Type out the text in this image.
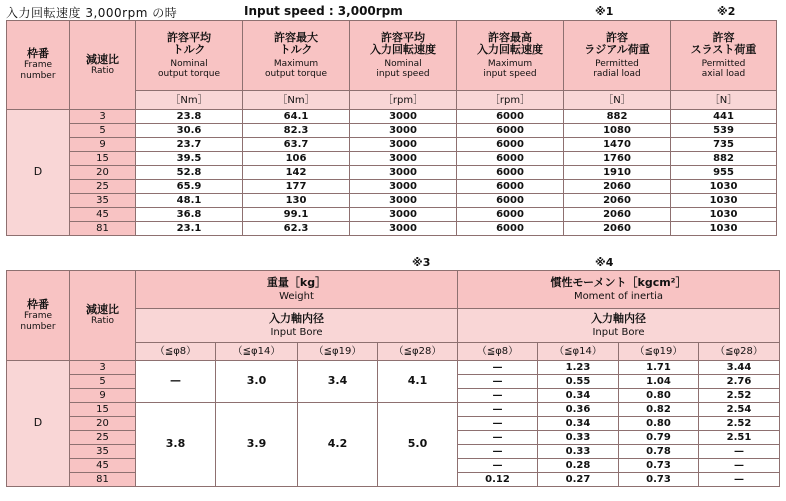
入力回転速度 3,000rpm の時	Input speed : 3,000rpm	※1	※2
枠番
Frame
number	減速比
Ratio	許容平均
トルク
Nominal
output torque	許容最大
トルク
Maximum
output torque	許容平均
入力回転速度
Nominal
input speed	許容最高
入力回転速度
Maximum
input speed	許容
ラジアル荷重
Permitted
radial load	許容
スラスト荷重
Permitted
axial load

		［Nm］	［Nm］	［rpm］	［rpm］	［N］	［N］
D	3	23.8	64.1	3000	6000	882	441
	5	30.6	82.3	3000	6000	1080	539
	9	23.7	63.7	3000	6000	1470	735
	15	39.5	106	3000	6000	1760	882
	20	52.8	142	3000	6000	1910	955
	25	65.9	177	3000	6000	2060	1030
	35	48.1	130	3000	6000	2060	1030
	45	36.8	99.1	3000	6000	2060	1030
	81	23.1	62.3	3000	6000	2060	1030
※3	※4
枠番
Frame
number	減速比
Ratio	重量［kg］
Weight				慣性モーメント［kgcm²］
Moment of inertia			

		入力軸内径
Input Bore				入力軸内径
Input Bore			

		（≦φ8）	（≦φ14）	（≦φ19）	（≦φ28）	（≦φ8）	（≦φ14）	（≦φ19）	（≦φ28）
D	3	—	3.0	3.4	4.1	—	1.23	1.71	3.44
	5					—	0.55	1.04	2.76
	9					—	0.34	0.80	2.52
	15	3.8	3.9	4.2	5.0	—	0.36	0.82	2.54
	20					—	0.34	0.80	2.52
	25					—	0.33	0.79	2.51
	35					—	0.33	0.78	—
	45					—	0.28	0.73	—
	81					0.12	0.27	0.73	—
